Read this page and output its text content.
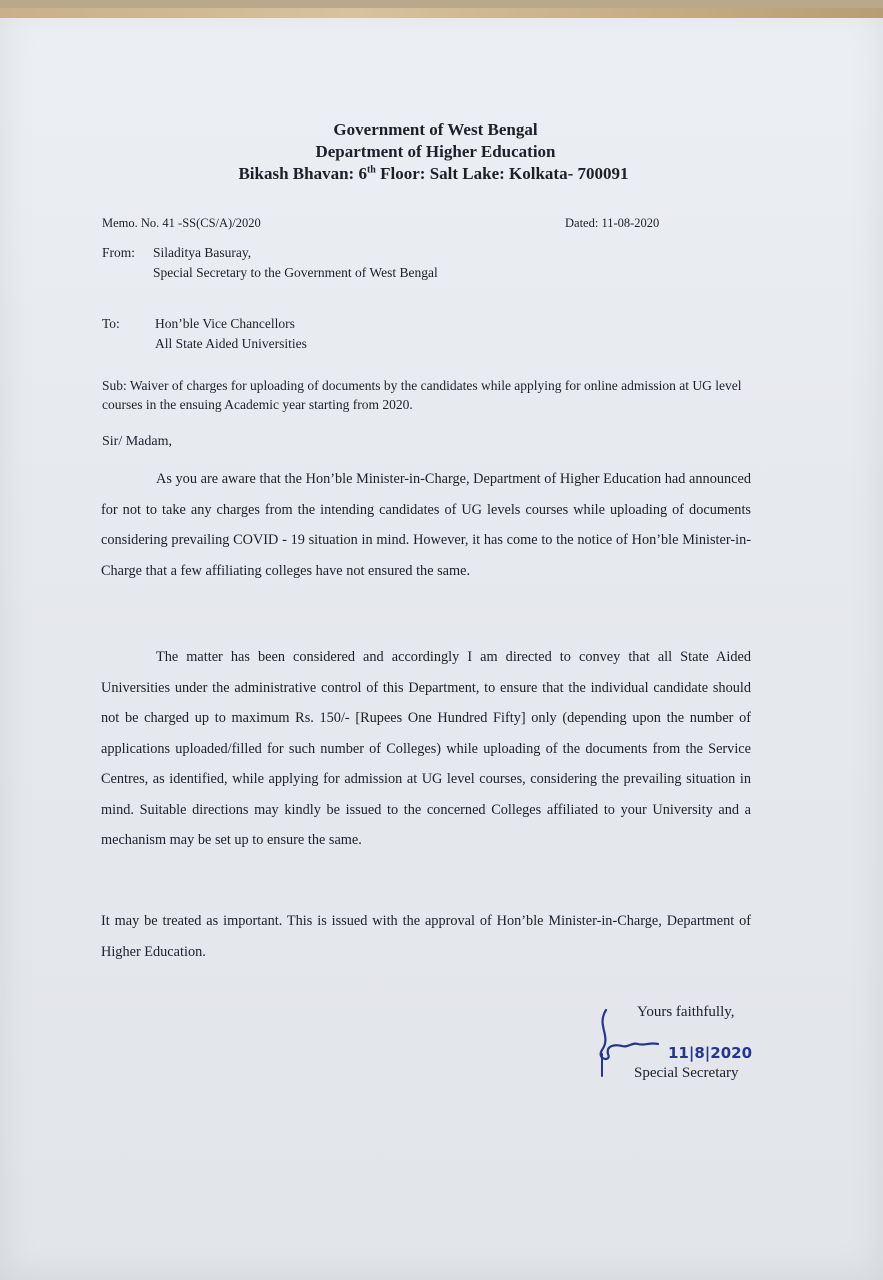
Government of West Bengal
Department of Higher Education
Bikash Bhavan: 6th Floor: Salt Lake: Kolkata- 700091
Memo. No. 41 -SS(CS/A)/2020	Dated: 11-08-2020
From: Siladitya Basuray,
Special Secretary to the Government of West Bengal
To:	Hon’ble Vice Chancellors
All State Aided Universities
Sub: Waiver of charges for uploading of documents by the candidates while applying for online admission at UG level courses in the ensuing Academic year starting from 2020.
Sir/ Madam,
As you are aware that the Hon’ble Minister-in-Charge, Department of Higher Education had announced for not to take any charges from the intending candidates of UG levels courses while uploading of documents considering prevailing COVID - 19 situation in mind. However, it has come to the notice of Hon’ble Minister-in-Charge that a few affiliating colleges have not ensured the same.
The matter has been considered and accordingly I am directed to convey that all State Aided Universities under the administrative control of this Department, to ensure that the individual candidate should not be charged up to maximum Rs. 150/- [Rupees One Hundred Fifty] only (depending upon the number of applications uploaded/filled for such number of Colleges) while uploading of the documents from the Service Centres, as identified, while applying for admission at UG level courses, considering the prevailing situation in mind. Suitable directions may kindly be issued to the concerned Colleges affiliated to your University and a mechanism may be set up to ensure the same.
It may be treated as important. This is issued with the approval of Hon’ble Minister-in-Charge, Department of Higher Education.
Yours faithfully,
11|8|2020
Special Secretary
